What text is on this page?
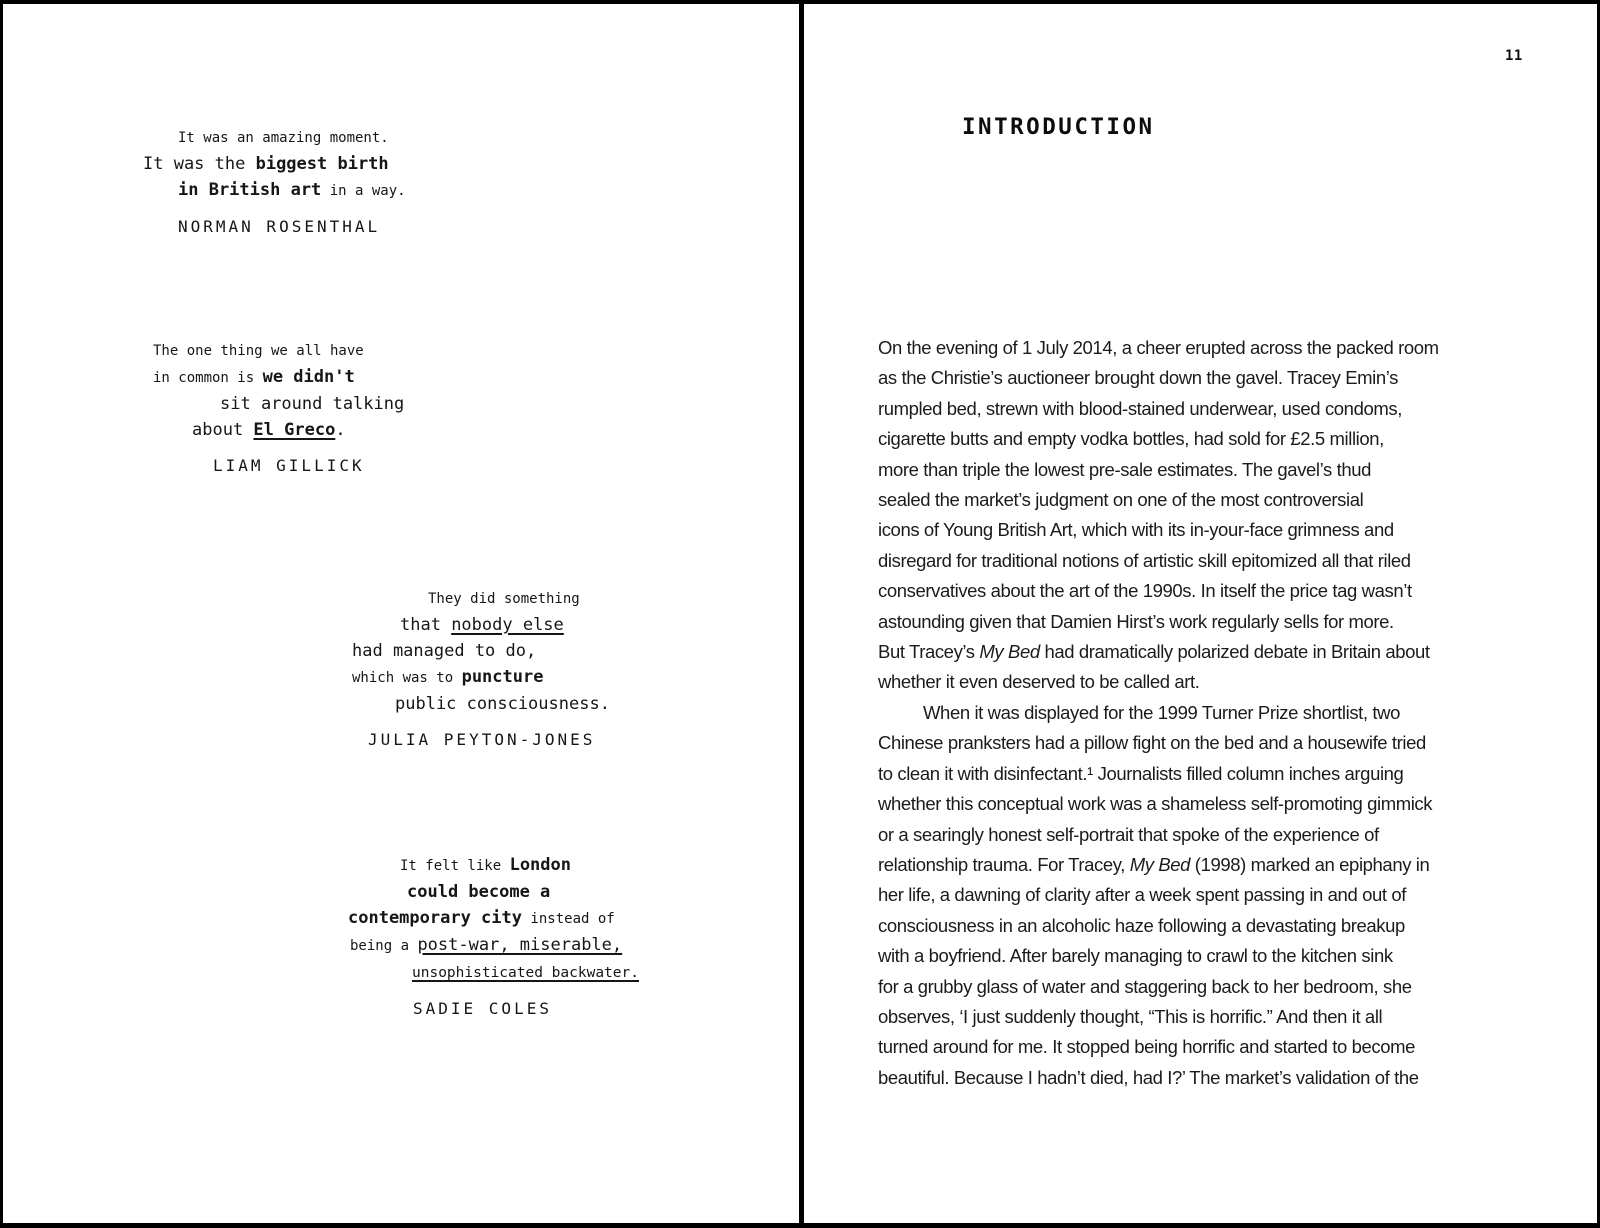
It was an amazing moment.
It was the biggest birth
in British art in a way.
NORMAN ROSENTHAL
The one thing we all have
in common is we didn't
sit around talking
about El Greco.
LIAM GILLICK
They did something
that nobody else
had managed to do,
which was to puncture
public consciousness.
JULIA PEYTON-JONES
It felt like London
could become a
contemporary city instead of
being a post-war, miserable,
unsophisticated backwater.
SADIE COLES
11
INTRODUCTION
On the evening of 1 July 2014, a cheer erupted across the packed room
as the Christie’s auctioneer brought down the gavel. Tracey Emin’s
rumpled bed, strewn with blood-stained underwear, used condoms,
cigarette butts and empty vodka bottles, had sold for £2.5 million,
more than triple the lowest pre-sale estimates. The gavel’s thud
sealed the market’s judgment on one of the most controversial
icons of Young British Art, which with its in-your-face grimness and
disregard for traditional notions of artistic skill epitomized all that riled
conservatives about the art of the 1990s. In itself the price tag wasn’t
astounding given that Damien Hirst’s work regularly sells for more.
But Tracey’s My Bed had dramatically polarized debate in Britain about
whether it even deserved to be called art.
When it was displayed for the 1999 Turner Prize shortlist, two
Chinese pranksters had a pillow fight on the bed and a housewife tried
to clean it with disinfectant.¹ Journalists filled column inches arguing
whether this conceptual work was a shameless self-promoting gimmick
or a searingly honest self-portrait that spoke of the experience of
relationship trauma. For Tracey, My Bed (1998) marked an epiphany in
her life, a dawning of clarity after a week spent passing in and out of
consciousness in an alcoholic haze following a devastating breakup
with a boyfriend. After barely managing to crawl to the kitchen sink
for a grubby glass of water and staggering back to her bedroom, she
observes, ‘I just suddenly thought, “This is horrific.” And then it all
turned around for me. It stopped being horrific and started to become
beautiful. Because I hadn’t died, had I?’ The market’s validation of the
